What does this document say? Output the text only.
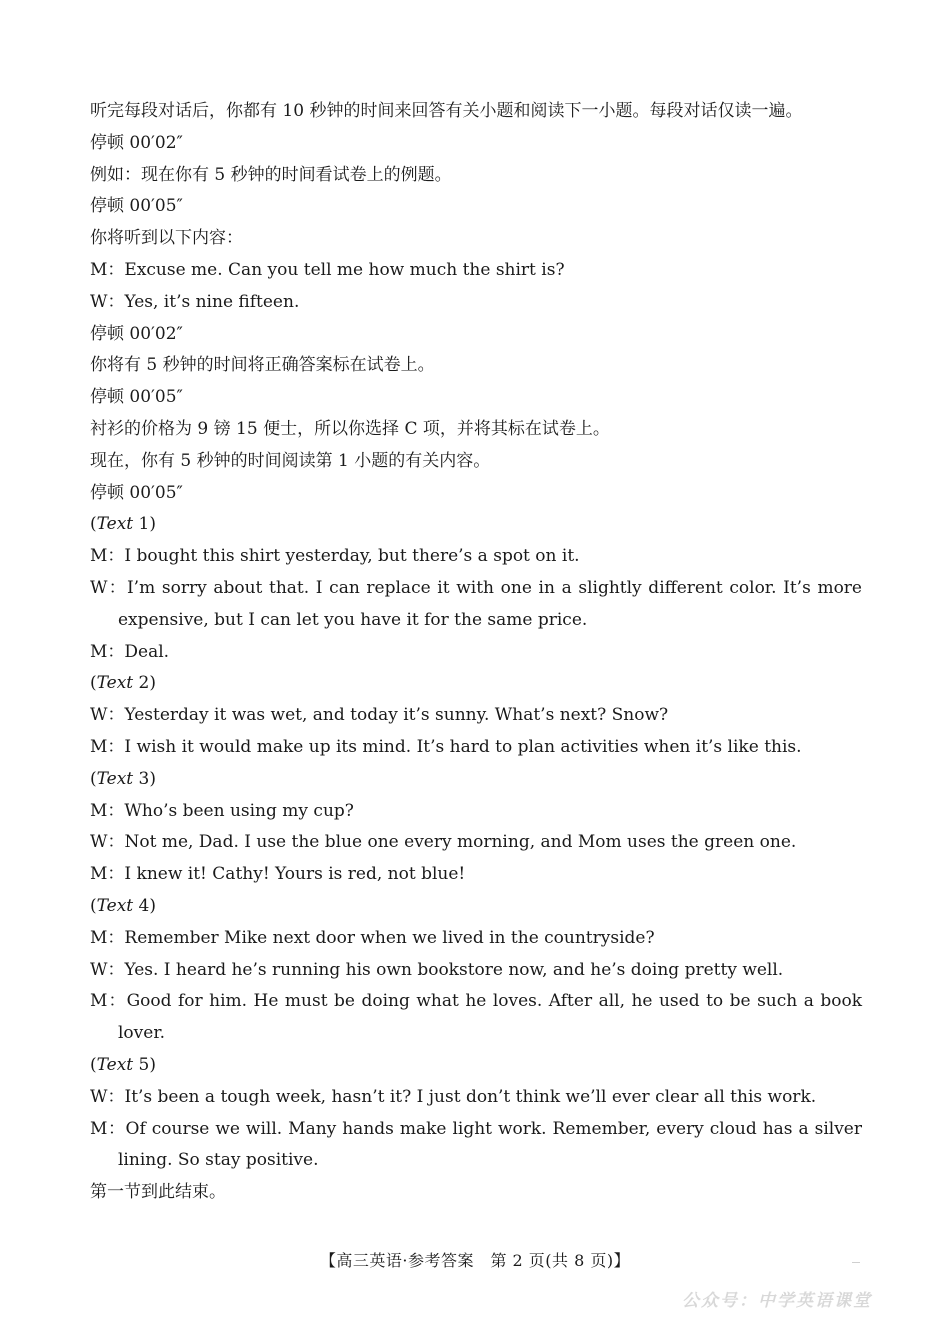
听完每段对话后，你都有 10 秒钟的时间来回答有关小题和阅读下一小题。每段对话仅读一遍。
停顿 00′02″
例如：现在你有 5 秒钟的时间看试卷上的例题。
停顿 00′05″
你将听到以下内容：
M：Excuse me. Can you tell me how much the shirt is?
W：Yes, it’s nine fifteen.
停顿 00′02″
你将有 5 秒钟的时间将正确答案标在试卷上。
停顿 00′05″
衬衫的价格为 9 镑 15 便士，所以你选择 C 项，并将其标在试卷上。
现在，你有 5 秒钟的时间阅读第 1 小题的有关内容。
停顿 00′05″
(Text 1)
M：I bought this shirt yesterday, but there’s a spot on it.
W：I’m sorry about that. I can replace it with one in a slightly different color. It’s more expensive, but I can let you have it for the same price.
M：Deal.
(Text 2)
W：Yesterday it was wet, and today it’s sunny. What’s next? Snow?
M：I wish it would make up its mind. It’s hard to plan activities when it’s like this.
(Text 3)
M：Who’s been using my cup?
W：Not me, Dad. I use the blue one every morning, and Mom uses the green one.
M：I knew it! Cathy! Yours is red, not blue!
(Text 4)
M：Remember Mike next door when we lived in the countryside?
W：Yes. I heard he’s running his own bookstore now, and he’s doing pretty well.
M：Good for him. He must be doing what he loves. After all, he used to be such a book lover.
(Text 5)
W：It’s been a tough week, hasn’t it? I just don’t think we’ll ever clear all this work.
M：Of course we will. Many hands make light work. Remember, every cloud has a silver lining. So stay positive.
第一节到此结束。
【高三英语·参考答案　第 2 页(共 8 页)】
公众号：中学英语课堂
